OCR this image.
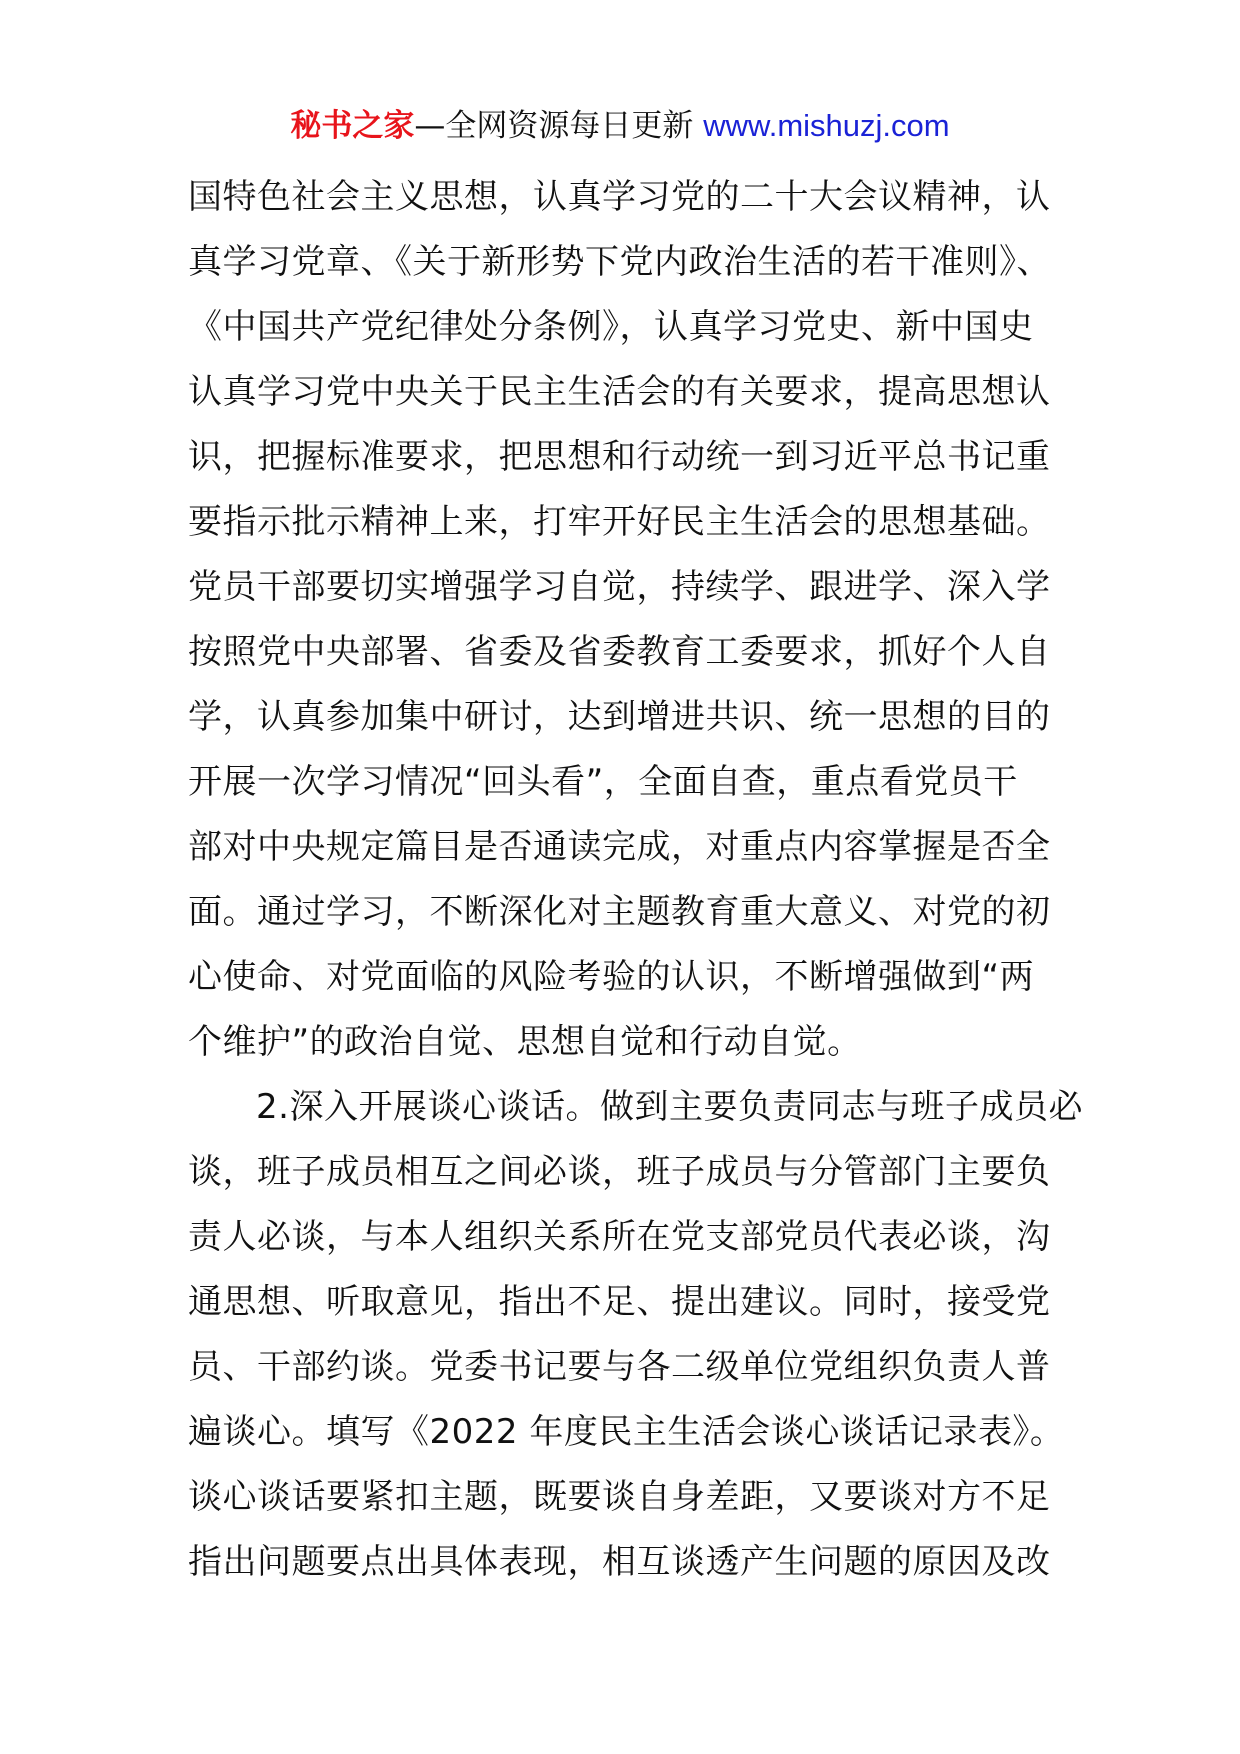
秘书之家—全网资源每日更新 www.mishuzj.com
国特色社会主义思想，认真学习党的二十大会议精神，认
真学习党章、《关于新形势下党内政治生活的若干准则》、
《中国共产党纪律处分条例》，认真学习党史、新中国史
认真学习党中央关于民主生活会的有关要求，提高思想认
识，把握标准要求，把思想和行动统一到习近平总书记重
要指示批示精神上来，打牢开好民主生活会的思想基础。
党员干部要切实增强学习自觉，持续学、跟进学、深入学
按照党中央部署、省委及省委教育工委要求，抓好个人自
学，认真参加集中研讨，达到增进共识、统一思想的目的
开展一次学习情况“回头看”，全面自查，重点看党员干
部对中央规定篇目是否通读完成，对重点内容掌握是否全
面。通过学习，不断深化对主题教育重大意义、对党的初
心使命、对党面临的风险考验的认识，不断增强做到“两
个维护”的政治自觉、思想自觉和行动自觉。
2.深入开展谈心谈话。做到主要负责同志与班子成员必
谈，班子成员相互之间必谈，班子成员与分管部门主要负
责人必谈，与本人组织关系所在党支部党员代表必谈，沟
通思想、听取意见，指出不足、提出建议。同时，接受党
员、干部约谈。党委书记要与各二级单位党组织负责人普
遍谈心。填写《2022 年度民主生活会谈心谈话记录表》。
谈心谈话要紧扣主题，既要谈自身差距，又要谈对方不足
指出问题要点出具体表现，相互谈透产生问题的原因及改
